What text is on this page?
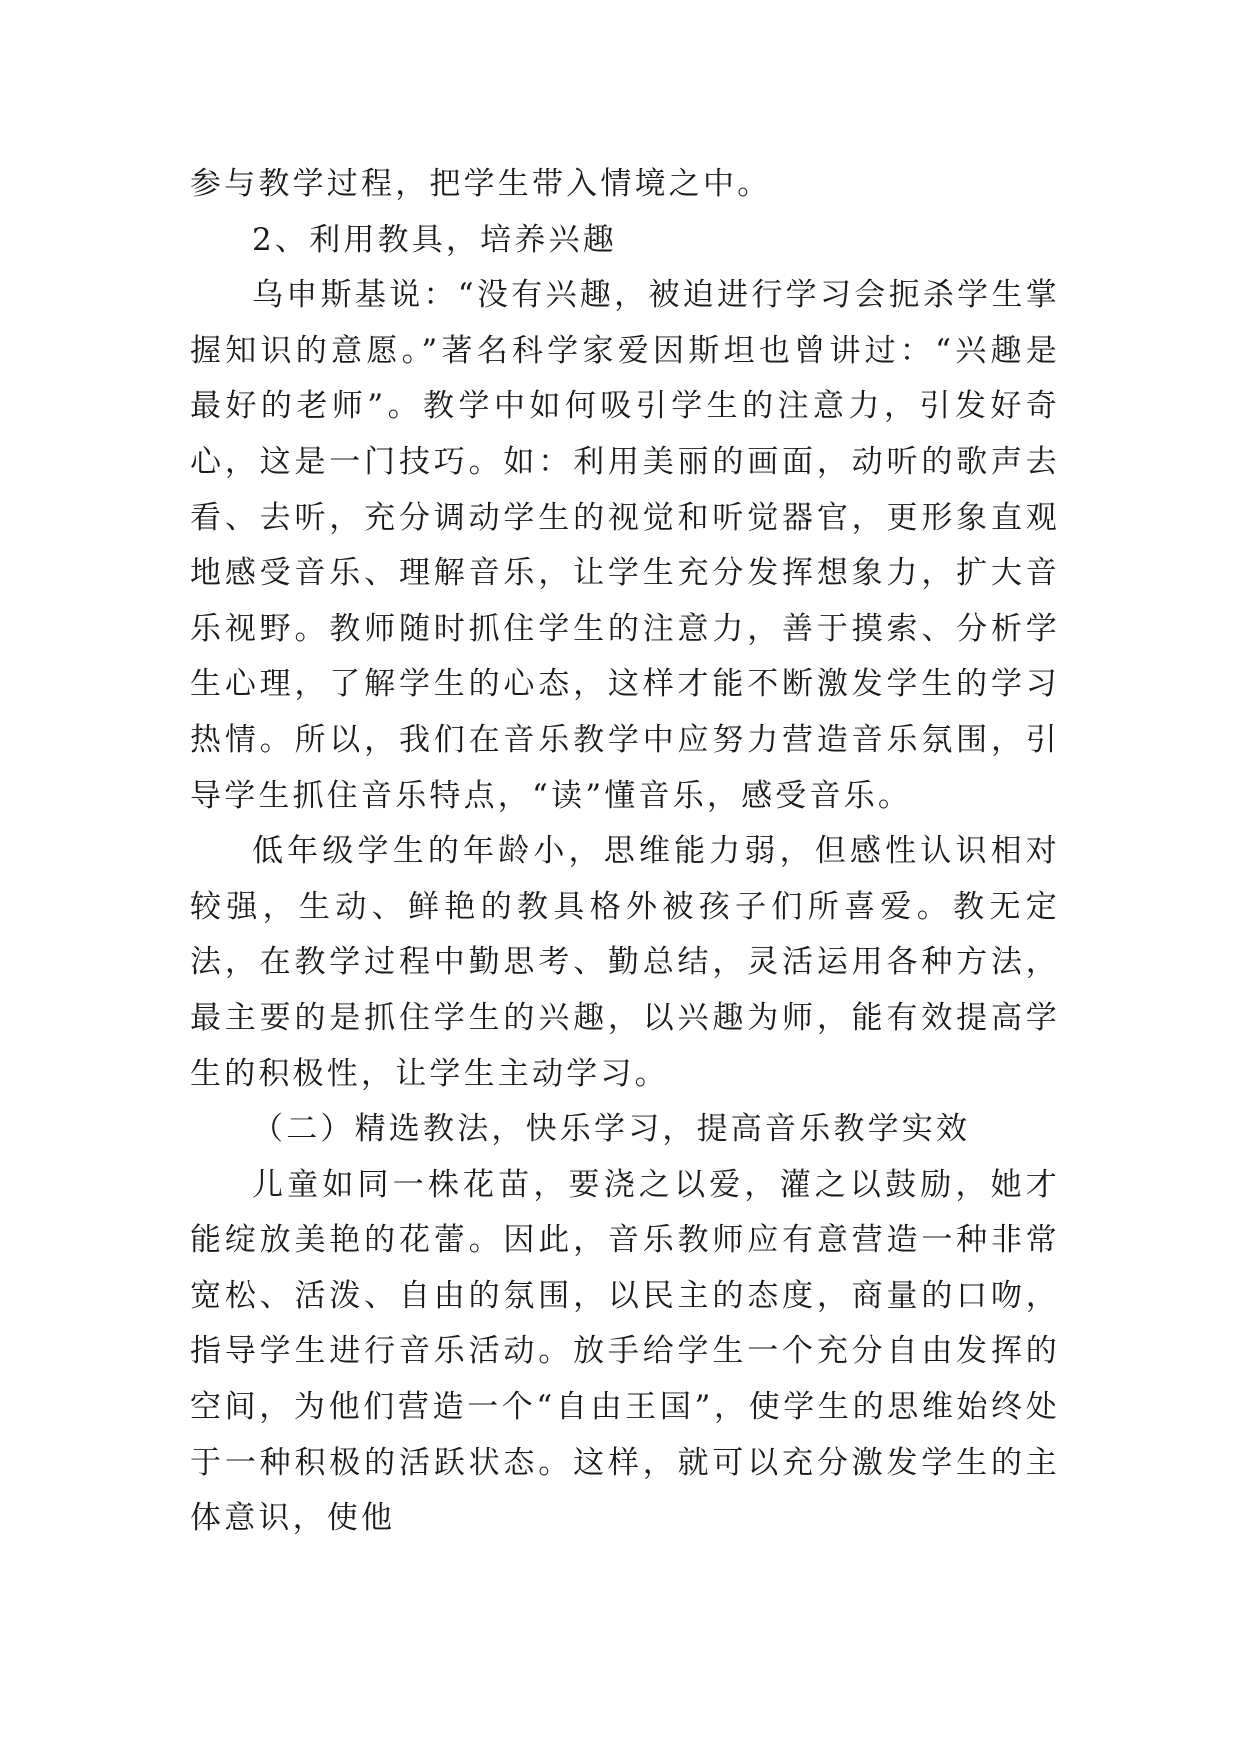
参与教学过程，把学生带入情境之中。

2、利用教具，培养兴趣

乌申斯基说：“没有兴趣，被迫进行学习会扼杀学生掌握知识的意愿。”著名科学家爱因斯坦也曾讲过：“兴趣是最好的老师”。教学中如何吸引学生的注意力，引发好奇心，这是一门技巧。如：利用美丽的画面，动听的歌声去看、去听，充分调动学生的视觉和听觉器官，更形象直观地感受音乐、理解音乐，让学生充分发挥想象力，扩大音乐视野。教师随时抓住学生的注意力，善于摸索、分析学生心理，了解学生的心态，这样才能不断激发学生的学习热情。所以，我们在音乐教学中应努力营造音乐氛围，引导学生抓住音乐特点，“读”懂音乐，感受音乐。

低年级学生的年龄小，思维能力弱，但感性认识相对较强，生动、鲜艳的教具格外被孩子们所喜爱。教无定法，在教学过程中勤思考、勤总结，灵活运用各种方法，最主要的是抓住学生的兴趣，以兴趣为师，能有效提高学生的积极性，让学生主动学习。

（二）精选教法，快乐学习，提高音乐教学实效

儿童如同一株花苗，要浇之以爱，灌之以鼓励，她才能绽放美艳的花蕾。因此，音乐教师应有意营造一种非常宽松、活泼、自由的氛围，以民主的态度，商量的口吻，指导学生进行音乐活动。放手给学生一个充分自由发挥的空间，为他们营造一个“自由王国”，使学生的思维始终处于一种积极的活跃状态。这样，就可以充分激发学生的主体意识，使他
